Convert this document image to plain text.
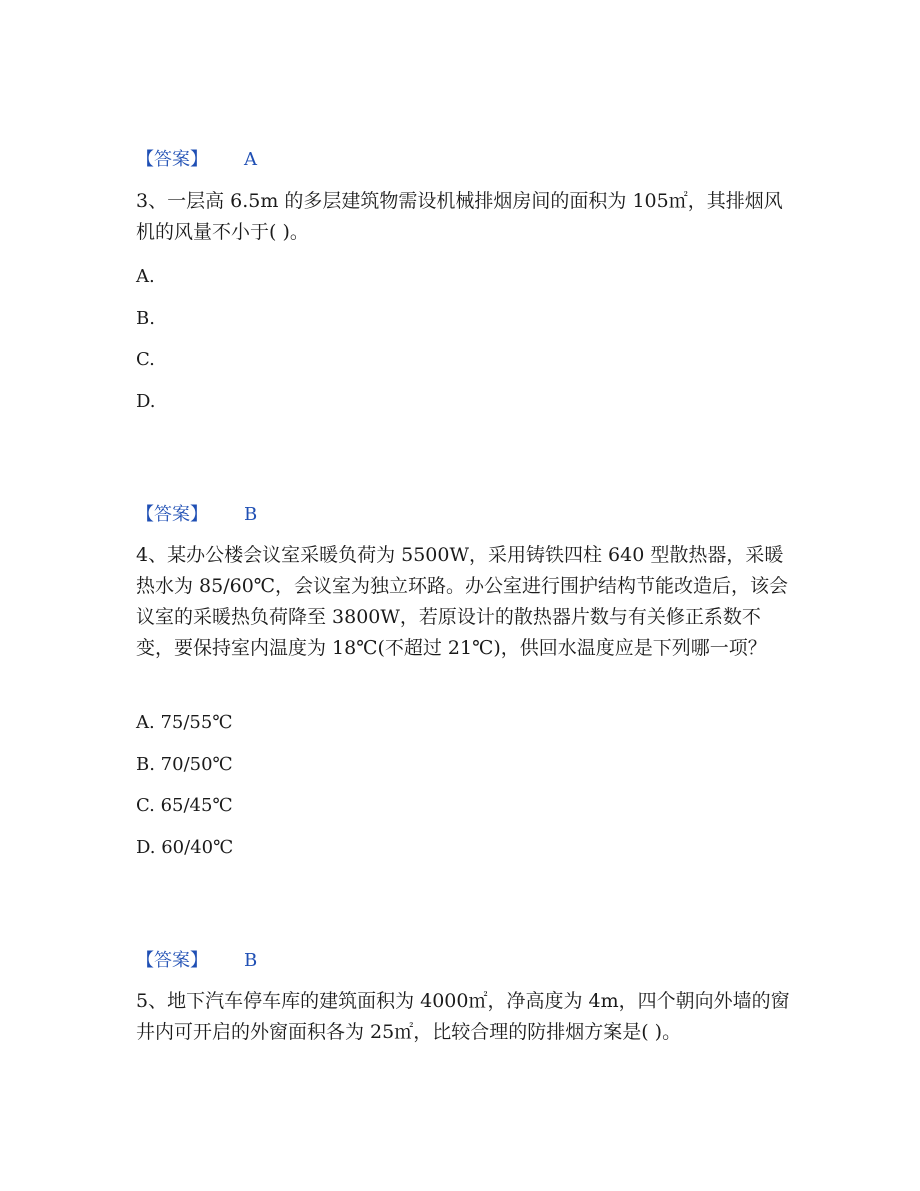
【答案】 A

3、一层高 6.5m 的多层建筑物需设机械排烟房间的面积为 105㎡，其排烟风机的风量不小于( )。

A.
B.
C.
D.
【答案】 B

4、某办公楼会议室采暖负荷为 5500W，采用铸铁四柱 640 型散热器，采暖热水为 85/60℃，会议室为独立环路。办公室进行围护结构节能改造后，该会议室的采暖热负荷降至 3800W，若原设计的散热器片数与有关修正系数不变，要保持室内温度为 18℃(不超过 21℃)，供回水温度应是下列哪一项？

A. 75/55℃
B. 70/50℃
C. 65/45℃
D. 60/40℃
【答案】 B

5、地下汽车停车库的建筑面积为 4000㎡，净高度为 4m，四个朝向外墙的窗井内可开启的外窗面积各为 25㎡，比较合理的防排烟方案是( )。
